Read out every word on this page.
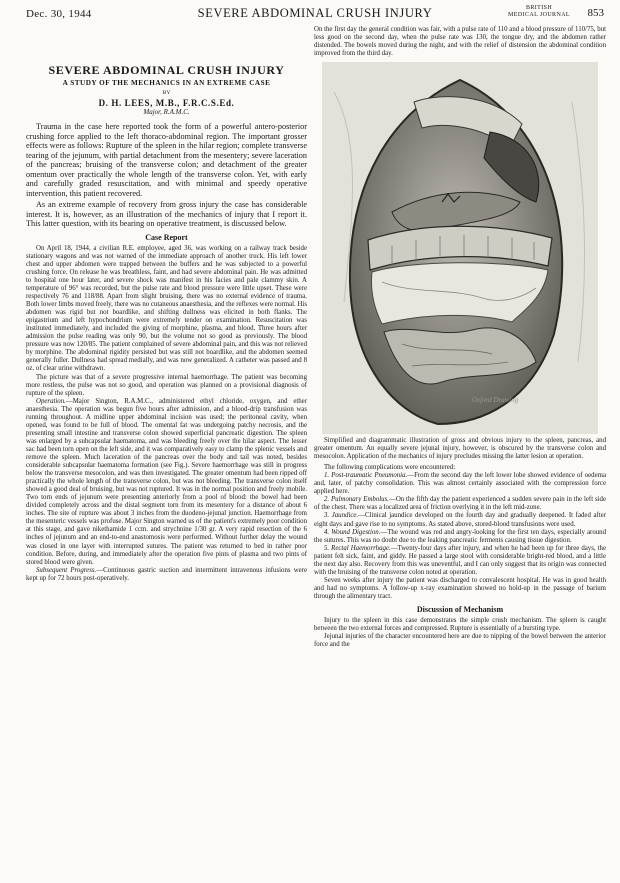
Dec. 30, 1944	SEVERE ABDOMINAL CRUSH INJURY	BRITISH
MEDICAL JOURNAL 853
SEVERE ABDOMINAL CRUSH INJURY
A STUDY OF THE MECHANICS IN AN EXTREME CASE
BY
D. H. LEES, M.B., F.R.C.S.Ed.
Major, R.A.M.C.

Trauma in the case here reported took the form of a powerful antero-posterior crushing force applied to the left thoraco-abdominal region. The important grosser effects were as follows: Rupture of the spleen in the hilar region; complete transverse tearing of the jejunum, with partial detachment from the mesentery; severe laceration of the pancreas; bruising of the transverse colon; and detachment of the greater omentum over practically the whole length of the transverse colon. Yet, with early and carefully graded resuscitation, and with minimal and speedy operative intervention, this patient recovered.

As an extreme example of recovery from gross injury the case has considerable interest. It is, however, as an illustration of the mechanics of injury that I report it. This latter question, with its bearing on operative treatment, is discussed below.

Case Report

On April 18, 1944, a civilian R.E. employee, aged 36, was working on a railway track beside stationary wagons and was not warned of the immediate approach of another truck. His left lower chest and upper abdomen were trapped between the buffers and he was subjected to a powerful crushing force. On release he was breathless, faint, and had severe abdominal pain. He was admitted to hospital one hour later, and severe shock was manifest in his facies and pale clammy skin. A temperature of 96° was recorded, but the pulse rate and blood pressure were little upset. These were respectively 76 and 118/88. Apart from slight bruising, there was no external evidence of trauma. Both lower limbs moved freely, there was no cutaneous anaesthesia, and the reflexes were normal. His abdomen was rigid but not boardlike, and shifting dullness was elicited in both flanks. The epigastrium and left hypochondrium were extremely tender on examination. Resuscitation was instituted immediately, and included the giving of morphine, plasma, and blood. Three hours after admission the pulse reading was only 90, but the volume not so good as previously. The blood pressure was now 120/85. The patient complained of severe abdominal pain, and this was not relieved by morphine. The abdominal rigidity persisted but was still not boardlike, and the abdomen seemed generally fuller. Dullness had spread medially, and was now generalized. A catheter was passed and 8 oz. of clear urine withdrawn.

The picture was that of a severe progressive internal haemorrhage. The patient was becoming more restless, the pulse was not so good, and operation was planned on a provisional diagnosis of rupture of the spleen.

Operation.—Major Sington, R.A.M.C., administered ethyl chloride, oxygen, and ether anaesthesia. The operation was begun five hours after admission, and a blood-drip transfusion was running throughout. A midline upper abdominal incision was used; the peritoneal cavity, when opened, was found to be full of blood. The omental fat was undergoing patchy necrosis, and the presenting small intestine and transverse colon showed superficial pancreatic digestion. The spleen was enlarged by a subcapsular haematoma, and was bleeding freely over the hilar aspect. The lesser sac had been torn open on the left side, and it was comparatively easy to clamp the splenic vessels and remove the spleen. Much laceration of the pancreas over the body and tail was noted, besides considerable subcapsular haematoma formation (see Fig.). Severe haemorrhage was still in progress below the transverse mesocolon, and was then investigated. The greater omentum had been ripped off practically the whole length of the transverse colon, but was not bleeding. The transverse colon itself showed a good deal of bruising, but was not ruptured. It was in the normal position and freely mobile. Two torn ends of jejunum were presenting anteriorly from a pool of blood: the bowel had been divided completely across and the distal segment torn from its mesentery for a distance of about 6 inches. The site of rupture was about 3 inches from the duodeno-jejunal junction. Haemorrhage from the mesenteric vessels was profuse. Major Sington warned us of the patient's extremely poor condition at this stage, and gave nikethamide 1 ccm. and strychnine 1/30 gr. A very rapid resection of the 6 inches of jejunum and an end-to-end anastomosis were performed. Without further delay the wound was closed in one layer with interrupted sutures. The patient was returned to bed in rather poor condition. Before, during, and immediately after the operation five pints of plasma and two pints of stored blood were given.

Subsequent Progress.—Continuous gastric suction and intermittent intravenous infusions were kept up for 72 hours post-operatively.

On the first day the general condition was fair, with a pulse rate of 110 and a blood pressure of 110/75, but less good on the second day, when the pulse rate was 130, the tongue dry, and the abdomen rather distended. The bowels moved during the night, and with the relief of distension the abdominal condition improved from the third day.

Oxford Drawing

Simplified and diagrammatic illustration of gross and obvious injury to the spleen, pancreas, and greater omentum. An equally severe jejunal injury, however, is obscured by the transverse colon and mesocolon. Application of the mechanics of injury precludes missing the latter lesion at operation.

The following complications were encountered:

1. Post-traumatic Pneumonia.—From the second day the left lower lobe showed evidence of oedema and, later, of patchy consolidation. This was almost certainly associated with the compression force applied here.

2. Pulmonary Embolus.—On the fifth day the patient experienced a sudden severe pain in the left side of the chest. There was a localized area of friction overlying it in the left mid-zone.

3. Jaundice.—Clinical jaundice developed on the fourth day and gradually deepened. It faded after eight days and gave rise to no symptoms. As stated above, stored-blood transfusions were used.

4. Wound Digestion.—The wound was red and angry-looking for the first ten days, especially around the sutures. This was no doubt due to the leaking pancreatic ferments causing tissue digestion.

5. Rectal Haemorrhage.—Twenty-four days after injury, and when he had been up for three days, the patient felt sick, faint, and giddy. He passed a large stool with considerable bright-red blood, and a little the next day also. Recovery from this was uneventful, and I can only suggest that its origin was connected with the bruising of the transverse colon noted at operation.

Seven weeks after injury the patient was discharged to convalescent hospital. He was in good health and had no symptoms. A follow-up x-ray examination showed no hold-up in the passage of barium through the alimentary tract.

Discussion of Mechanism

Injury to the spleen in this case demonstrates the simple crush mechanism. The spleen is caught between the two external forces and compressed. Rupture is essentially of a bursting type.

Jejunal injuries of the character encountered here are due to nipping of the bowel between the anterior force and the
